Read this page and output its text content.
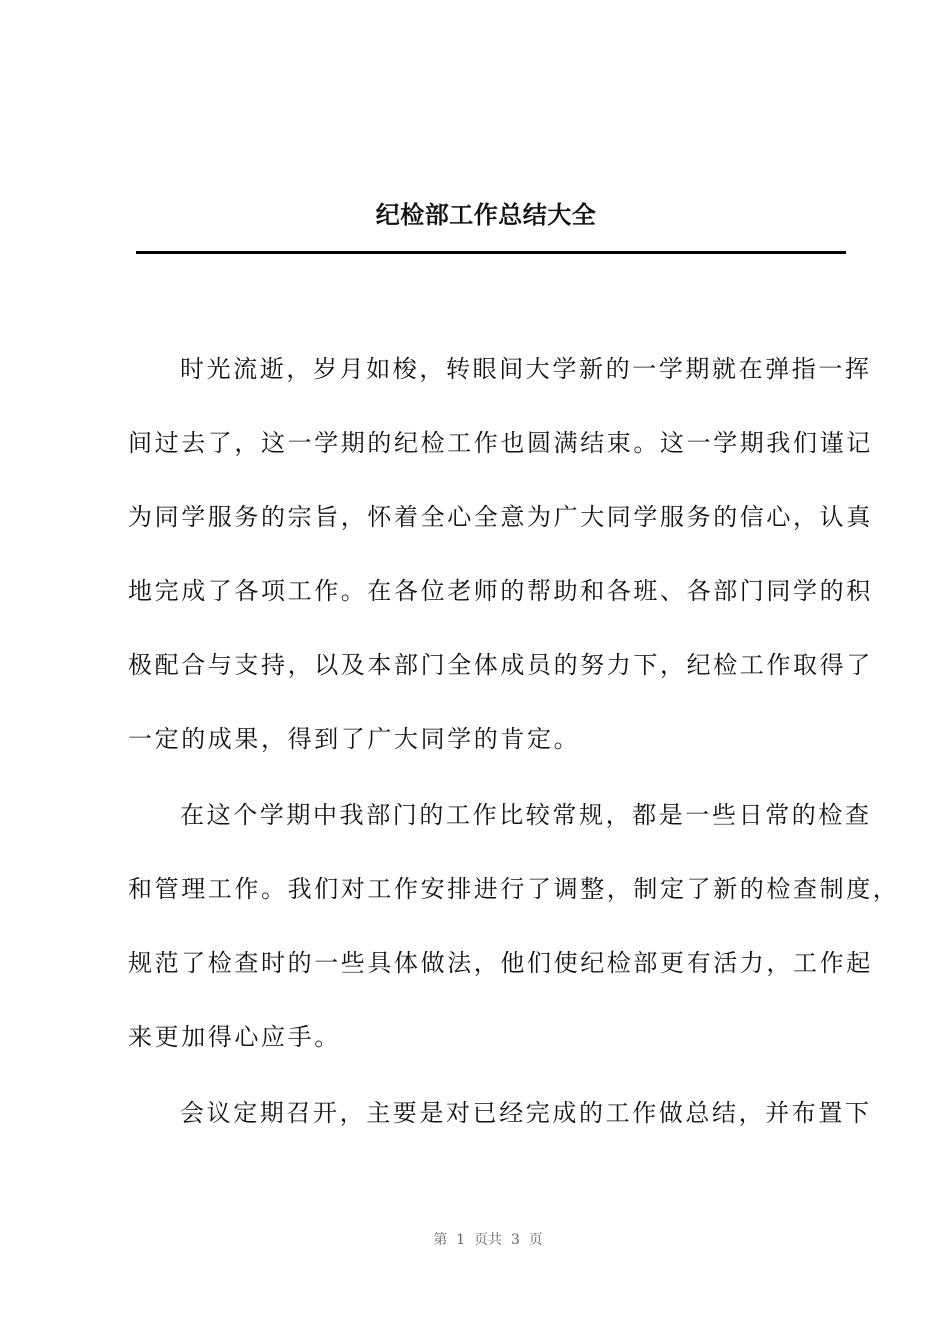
纪检部工作总结大全
时光流逝，岁月如梭，转眼间大学新的一学期就在弹指一挥
间过去了，这一学期的纪检工作也圆满结束。这一学期我们谨记
为同学服务的宗旨，怀着全心全意为广大同学服务的信心，认真
地完成了各项工作。在各位老师的帮助和各班、各部门同学的积
极配合与支持，以及本部门全体成员的努力下，纪检工作取得了
一定的成果，得到了广大同学的肯定。
在这个学期中我部门的工作比较常规，都是一些日常的检查
和管理工作。我们对工作安排进行了调整，制定了新的检查制度，
规范了检查时的一些具体做法，他们使纪检部更有活力，工作起
来更加得心应手。
会议定期召开，主要是对已经完成的工作做总结，并布置下
第  1  页共  3  页
